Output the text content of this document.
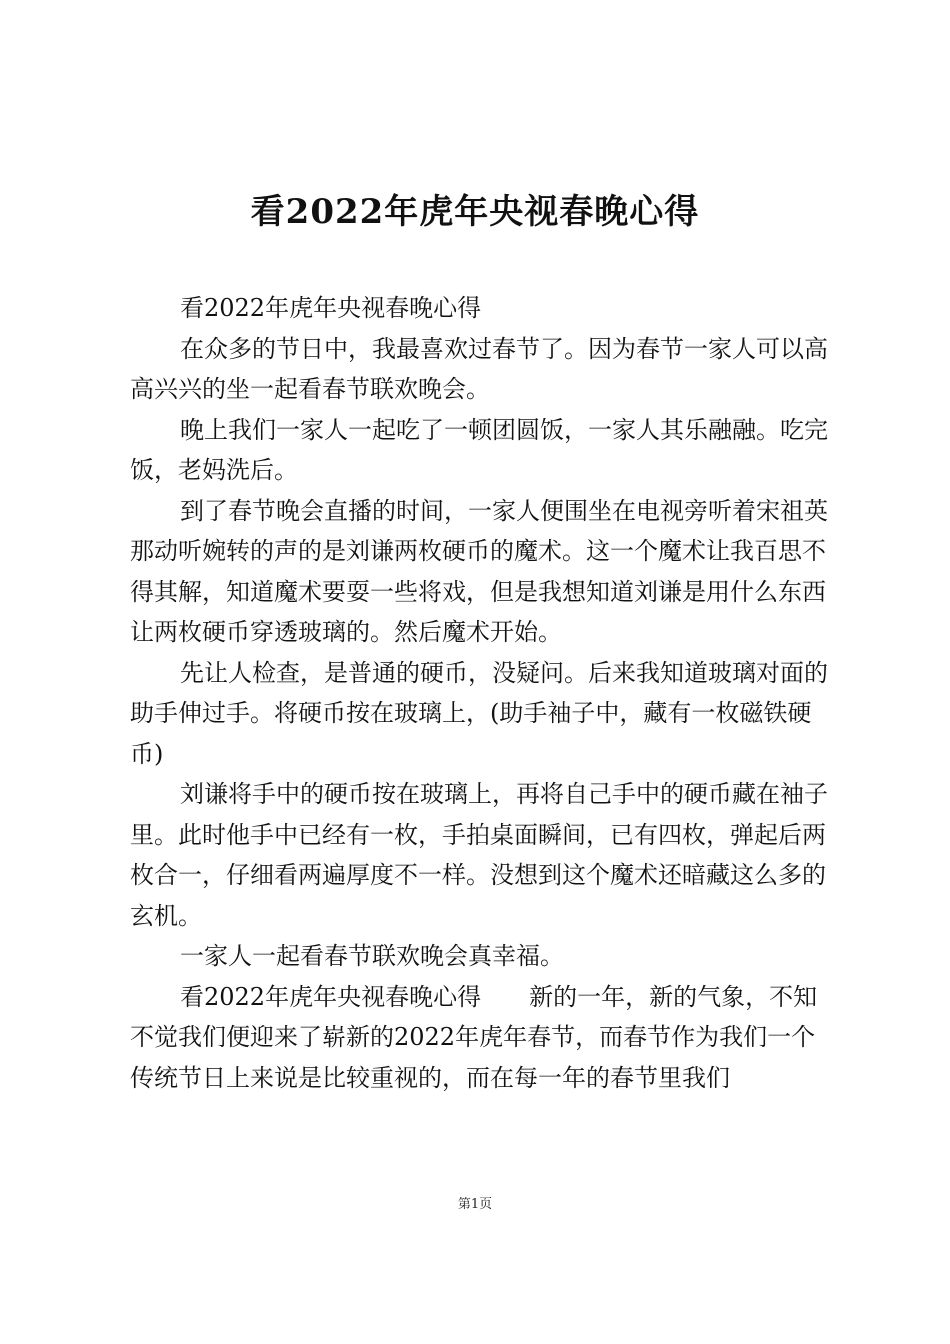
看2022年虎年央视春晚心得

看2022年虎年央视春晚心得

在众多的节日中，我最喜欢过春节了。因为春节一家人可以高高兴兴的坐一起看春节联欢晚会。

晚上我们一家人一起吃了一顿团圆饭，一家人其乐融融。吃完饭，老妈洗后。

到了春节晚会直播的时间，一家人便围坐在电视旁听着宋祖英那动听婉转的声的是刘谦两枚硬币的魔术。这一个魔术让我百思不得其解，知道魔术要耍一些将戏，但是我想知道刘谦是用什么东西让两枚硬币穿透玻璃的。然后魔术开始。

先让人检查，是普通的硬币，没疑问。后来我知道玻璃对面的助手伸过手。将硬币按在玻璃上，(助手袖子中，藏有一枚磁铁硬币)

刘谦将手中的硬币按在玻璃上，再将自己手中的硬币藏在袖子里。此时他手中已经有一枚，手拍桌面瞬间，已有四枚，弹起后两枚合一，仔细看两遍厚度不一样。没想到这个魔术还暗藏这么多的玄机。

一家人一起看春节联欢晚会真幸福。

看2022年虎年央视春晚心得　　新的一年，新的气象，不知不觉我们便迎来了崭新的2022年虎年春节，而春节作为我们一个传统节日上来说是比较重视的，而在每一年的春节里我们

第1页
